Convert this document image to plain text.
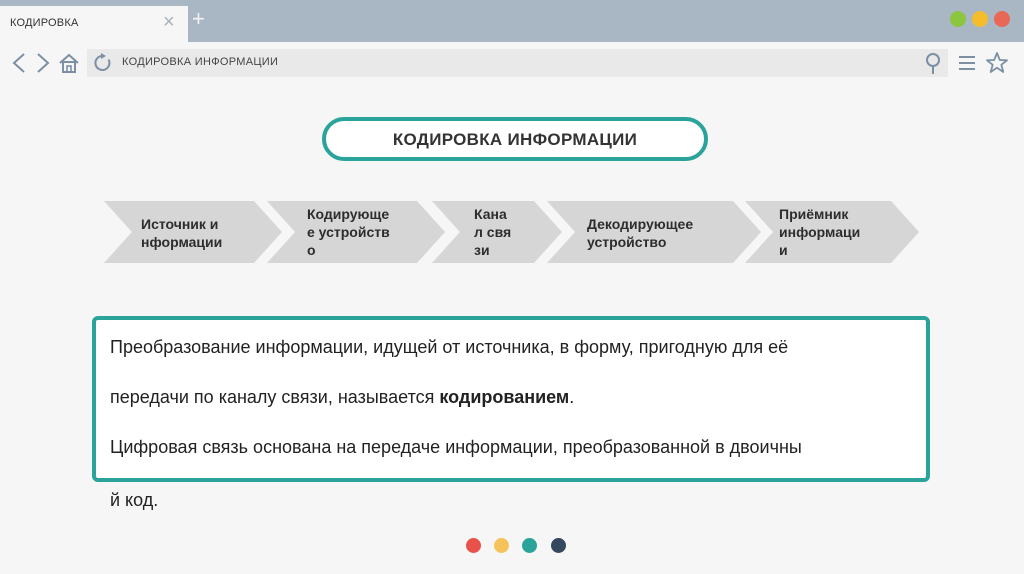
КОДИРОВКА	× +
КОДИРОВКА ИНФОРМАЦИИ
КОДИРОВКА ИНФОРМАЦИИ
Источник и
нформации
Кодирующе
е устройств
о
Кана
л свя
зи
Декодирующее
устройство
Приёмник
информаци
и

Преобразование информации, идущей от источника, в форму, пригодную для её

передачи по каналу связи, называется кодированием.

Цифровая связь основана на передаче информации, преобразованной в двоичны

й код.
